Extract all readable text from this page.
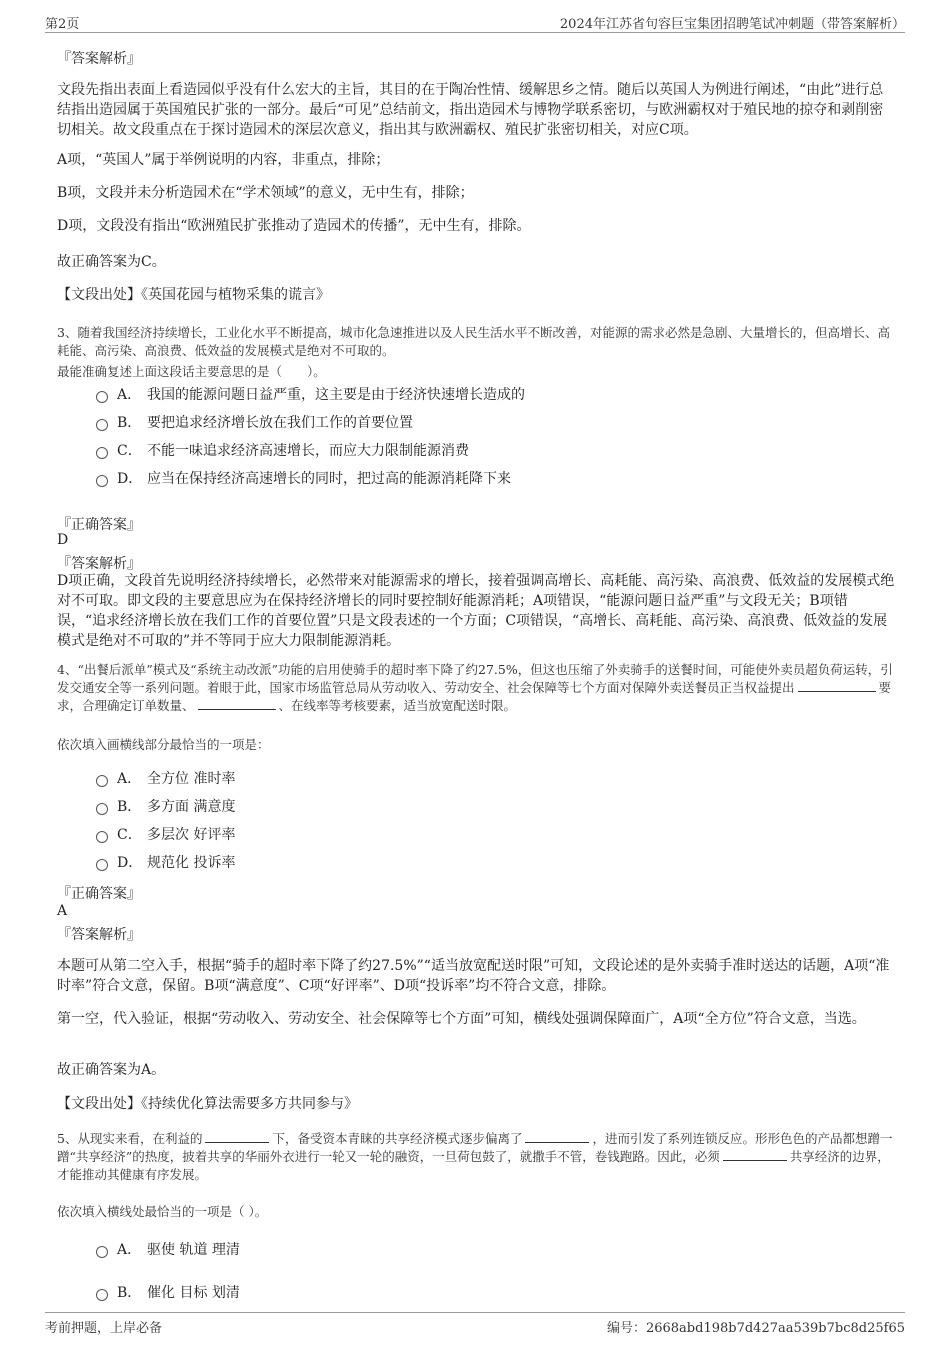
第2页	2024年江苏省句容巨宝集团招聘笔试冲刺题（带答案解析）
『答案解析』
文段先指出表面上看造园似乎没有什么宏大的主旨，其目的在于陶冶性情、缓解思乡之情。随后以英国人为例进行阐述，“由此”进行总结指出造园属于英国殖民扩张的一部分。最后“可见”总结前文，指出造园术与博物学联系密切，与欧洲霸权对于殖民地的掠夺和剥削密切相关。故文段重点在于探讨造园术的深层次意义，指出其与欧洲霸权、殖民扩张密切相关，对应C项。
A项，“英国人”属于举例说明的内容，非重点，排除；
B项，文段并未分析造园术在“学术领域”的意义，无中生有，排除；
D项，文段没有指出“欧洲殖民扩张推动了造园术的传播”，无中生有，排除。
故正确答案为C。
【文段出处】《英国花园与植物采集的谎言》
3、随着我国经济持续增长，工业化水平不断提高，城市化急速推进以及人民生活水平不断改善，对能源的需求必然是急剧、大量增长的，但高增长、高耗能、高污染、高浪费、低效益的发展模式是绝对不可取的。
最能准确复述上面这段话主要意思的是（　　）。
A． 我国的能源问题日益严重，这主要是由于经济快速增长造成的
B． 要把追求经济增长放在我们工作的首要位置
C． 不能一味追求经济高速增长，而应大力限制能源消费
D． 应当在保持经济高速增长的同时，把过高的能源消耗降下来
『正确答案』
D
『答案解析』
D项正确，文段首先说明经济持续增长，必然带来对能源需求的增长，接着强调高增长、高耗能、高污染、高浪费、低效益的发展模式绝对不可取。即文段的主要意思应为在保持经济增长的同时要控制好能源消耗；A项错误，“能源问题日益严重”与文段无关；B项错误，“追求经济增长放在我们工作的首要位置”只是文段表述的一个方面；C项错误，“高增长、高耗能、高污染、高浪费、低效益的发展模式是绝对不可取的”并不等同于应大力限制能源消耗。
4、“出餐后派单”模式及“系统主动改派”功能的启用使骑手的超时率下降了约27.5%，但这也压缩了外卖骑手的送餐时间，可能使外卖员超负荷运转，引发交通安全等一系列问题。着眼于此，国家市场监管总局从劳动收入、劳动安全、社会保障等七个方面对保障外卖送餐员正当权益提出	要求，合理确定订单数量、	、在线率等考核要素，适当放宽配送时限。
依次填入画横线部分最恰当的一项是：
A． 全方位 准时率
B． 多方面 满意度
C． 多层次 好评率
D． 规范化 投诉率
『正确答案』
A
『答案解析』
本题可从第二空入手，根据“骑手的超时率下降了约27.5%”“适当放宽配送时限”可知，文段论述的是外卖骑手准时送达的话题，A项“准时率”符合文意，保留。B项“满意度”、C项“好评率”、D项“投诉率”均不符合文意，排除。
第一空，代入验证，根据“劳动收入、劳动安全、社会保障等七个方面”可知，横线处强调保障面广，A项“全方位”符合文意，当选。
故正确答案为A。
【文段出处】《持续优化算法需要多方共同参与》
5、从现实来看，在利益的	下，备受资本青睐的共享经济模式逐步偏离了	，进而引发了系列连锁反应。形形色色的产品都想蹭一蹭“共享经济”的热度，披着共享的华丽外衣进行一轮又一轮的融资，一旦荷包鼓了，就撒手不管，卷钱跑路。因此，必须	共享经济的边界，才能推动其健康有序发展。
依次填入横线处最恰当的一项是（ ）。
A． 驱使 轨道 理清
B． 催化 目标 划清
考前押题，上岸必备	编号：2668abd198b7d427aa539b7bc8d25f65
